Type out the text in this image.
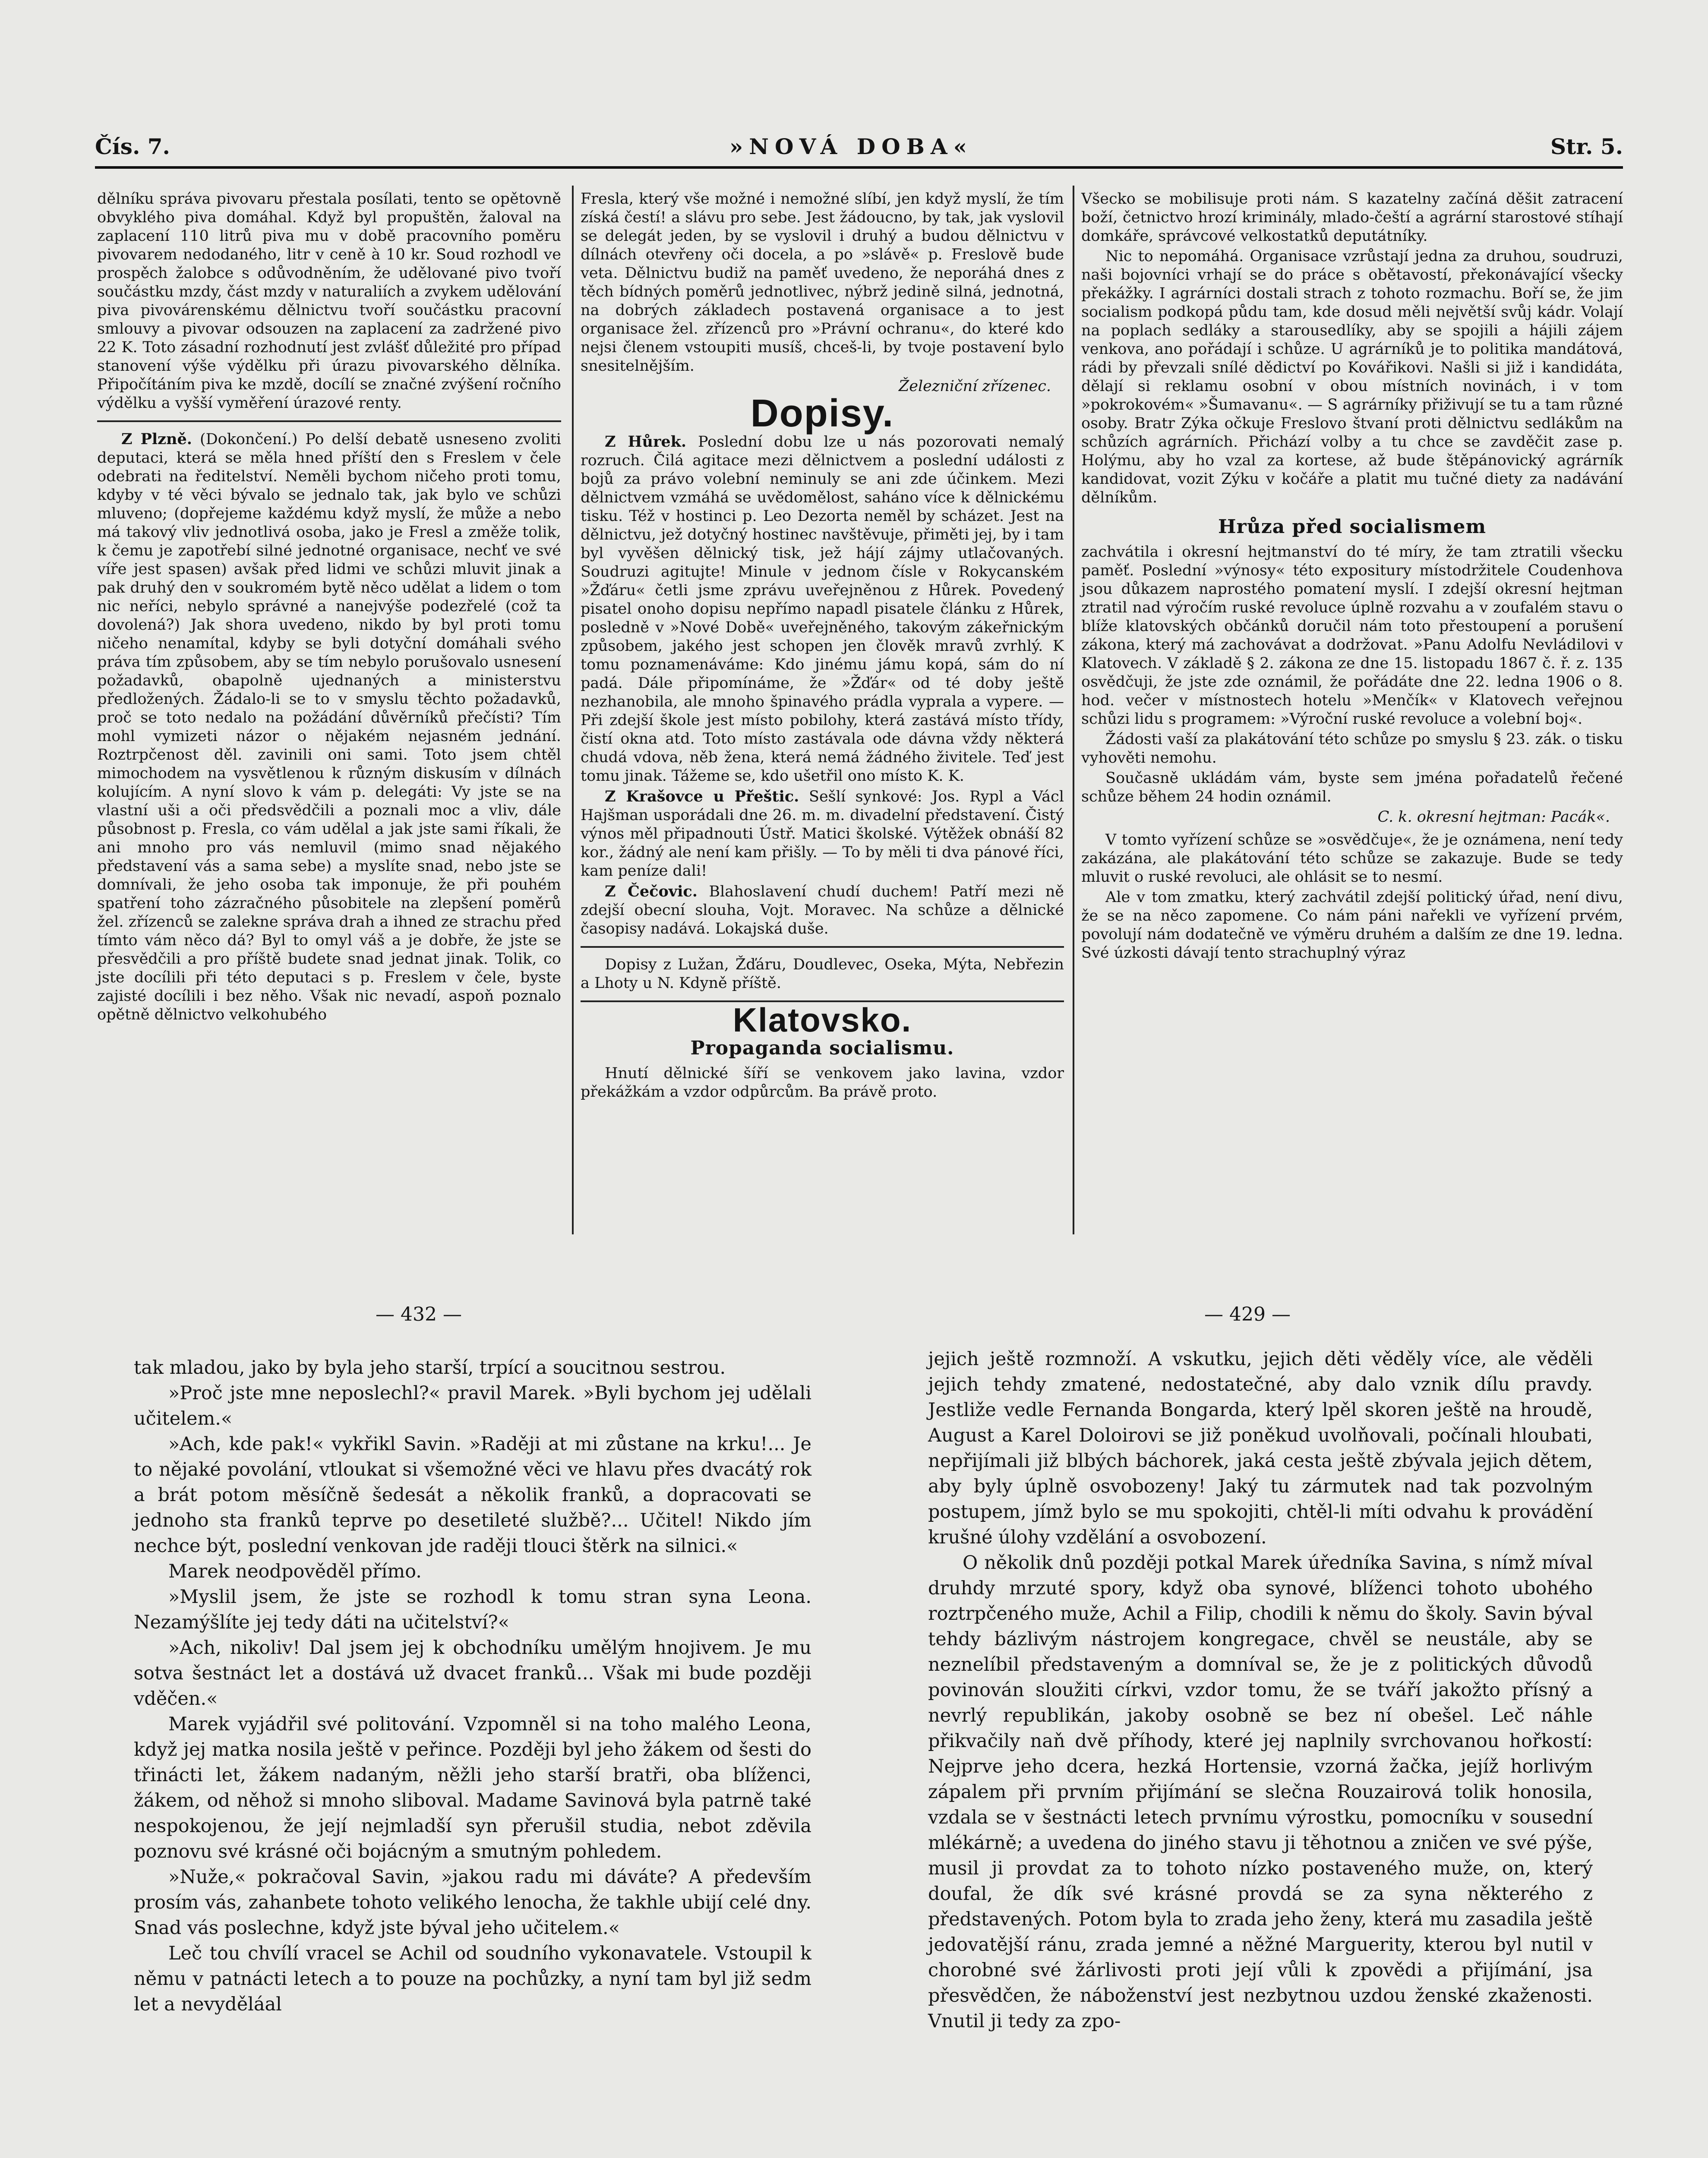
Čís. 7.	»NOVÁ DOBA«	Str. 5.

dělníku správa pivovaru přestala posílati, tento se opětovně obvyklého piva domáhal. Když byl propuštěn, žaloval na zaplacení 110 litrů piva mu v době pracovního poměru pivovarem nedodaného, litr v ceně à 10 kr. Soud rozhodl ve prospěch žalobce s odůvodněním, že udělované pivo tvoří součástku mzdy, část mzdy v naturaliích a zvykem udělování piva pivovárenskému dělnictvu tvoří součástku pracovní smlouvy a pivovar odsouzen na zaplacení za zadržené pivo 22 K. Toto zásadní rozhodnutí jest zvlášť důležité pro případ stanovení výše výdělku při úrazu pivovarského dělníka. Připočítáním piva ke mzdě, docílí se značné zvýšení ročního výdělku a vyšší vyměření úrazové renty.

Z Plzně. (Dokončení.) Po delší debatě usneseno zvoliti deputaci, která se měla hned příští den s Freslem v čele odebrati na ředitelství. Neměli bychom ničeho proti tomu, kdyby v té věci bývalo se jednalo tak, jak bylo ve schůzi mluveno; (dopřejeme každému když myslí, že může a nebo má takový vliv jednotlivá osoba, jako je Fresl a změže tolik, k čemu je zapotřebí silné jednotné organisace, nechť ve své víře jest spasen) avšak před lidmi ve schůzi mluvit jinak a pak druhý den v soukromém bytě něco udělat a lidem o tom nic neříci, nebylo správné a nanejvýše podezřelé (což ta dovolená?) Jak shora uvedeno, nikdo by byl proti tomu ničeho nenamítal, kdyby se byli dotyční domáhali svého práva tím způsobem, aby se tím nebylo porušovalo usnesení požadavků, obapolně ujednaných a ministerstvu předložených. Žádalo-li se to v smyslu těchto požadavků, proč se toto nedalo na požádání důvěrníků přečísti? Tím mohl vymizeti názor o nějakém nejasném jednání. Roztrpčenost děl. zavinili oni sami. Toto jsem chtěl mimochodem na vysvětlenou k různým diskusím v dílnách kolujícím. A nyní slovo k vám p. delegáti: Vy jste se na vlastní uši a oči předsvědčili a poznali moc a vliv, dále působnost p. Fresla, co vám udělal a jak jste sami říkali, že ani mnoho pro vás nemluvil (mimo snad nějakého představení vás a sama sebe) a myslíte snad, nebo jste se domnívali, že jeho osoba tak imponuje, že při pouhém spatření toho zázračného působitele na zlepšení poměrů žel. zřízenců se zalekne správa drah a ihned ze strachu před tímto vám něco dá? Byl to omyl váš a je dobře, že jste se přesvědčili a pro příště budete snad jednat jinak. Tolik, co jste docílili při této deputaci s p. Freslem v čele, byste zajisté docílili i bez něho. Však nic nevadí, aspoň poznalo opětně dělnictvo velkohubého

Fresla, který vše možné i nemožné slíbí, jen když myslí, že tím získá čestí! a slávu pro sebe. Jest žádoucno, by tak, jak vyslovil se delegát jeden, by se vyslovil i druhý a budou dělnictvu v dílnách otevřeny oči docela, a po »slávě« p. Freslově bude veta. Dělnictvu budiž na paměť uvedeno, že neporáhá dnes z těch bídných poměrů jednotlivec, nýbrž jedině silná, jednotná, na dobrých základech postavená organisace a to jest organisace žel. zřízenců pro »Právní ochranu«, do které kdo nejsi členem vstoupiti musíš, chceš-li, by tvoje postavení bylo snesitelnějším.

Železniční zřízenec.
Dopisy.

Z Hůrek. Poslední dobu lze u nás pozorovati nemalý rozruch. Čilá agitace mezi dělnictvem a poslední události z bojů za právo volební neminuly se ani zde účinkem. Mezi dělnictvem vzmáhá se uvědomělost, saháno více k dělnickému tisku. Též v hostinci p. Leo Dezorta neměl by scházet. Jest na dělnictvu, jež dotyčný hostinec navštěvuje, přiměti jej, by i tam byl vyvěšen dělnický tisk, jež hájí zájmy utlačovaných. Soudruzi agitujte! Minule v jednom čísle v Rokycanském »Žďáru« četli jsme zprávu uveřejněnou z Hůrek. Povedený pisatel onoho dopisu nepřímo napadl pisatele článku z Hůrek, posledně v »Nové Době« uveřejněného, takovým zákeřnickým způsobem, jakého jest schopen jen člověk mravů zvrhlý. K tomu poznamenáváme: Kdo jinému jámu kopá, sám do ní padá. Dále připomínáme, že »Žďár« od té doby ještě nezhanobila, ale mnoho špinavého prádla vyprala a vypere. — Při zdejší škole jest místo pobilohy, která zastává místo třídy, čistí okna atd. Toto místo zastávala ode dávna vždy některá chudá vdova, něb žena, která nemá žádného živitele. Teď jest tomu jinak. Tážeme se, kdo ušetřil ono místo K. K.

Z Krašovce u Přeštic. Sešlí synkové: Jos. Rypl a Václ Hajšman usporádali dne 26. m. m. divadelní představení. Čistý výnos měl připadnouti Ústř. Matici školské. Výtěžek obnáší 82 kor., žádný ale není kam přišly. — To by měli ti dva pánové říci, kam peníze dali!

Z Čečovic. Blahoslavení chudí duchem! Patří mezi ně zdejší obecní slouha, Vojt. Moravec. Na schůze a dělnické časopisy nadává. Lokajská duše.

Dopisy z Lužan, Žďáru, Doudlevec, Oseka, Mýta, Nebřezin a Lhoty u N. Kdyně příště.

Klatovsko.
Propaganda socialismu.

Hnutí dělnické šíří se venkovem jako lavina, vzdor překážkám a vzdor odpůrcům. Ba právě proto.

Všecko se mobilisuje proti nám. S kazatelny začíná děšit zatracení boží, četnictvo hrozí kriminály, mlado-čeští a agrární starostové stíhají domkáře, správcové velkostatků deputátníky.

Nic to nepomáhá. Organisace vzrůstají jedna za druhou, soudruzi, naši bojovníci vrhají se do práce s obětavostí, překonávající všecky překážky. I agrárníci dostali strach z tohoto rozmachu. Boří se, že jim socialism podkopá půdu tam, kde dosud měli největší svůj kádr. Volají na poplach sedláky a starousedlíky, aby se spojili a hájili zájem venkova, ano pořádají i schůze. U agrárníků je to politika mandátová, rádi by převzali snílé dědictví po Kovářikovi. Našli si již i kandidáta, dělají si reklamu osobní v obou místních novinách, i v tom »pokrokovém« »Šumavanu«. — S agrárníky přiživují se tu a tam různé osoby. Bratr Zýka očkuje Freslovo štvaní proti dělnictvu sedlákům na schůzích agrárních. Přichází volby a tu chce se zavděčit zase p. Holýmu, aby ho vzal za kortese, až bude štěpánovický agrárník kandidovat, vozit Zýku v kočáře a platit mu tučné diety za nadávání dělníkům.

Hrůza před socialismem

zachvátila i okresní hejtmanství do té míry, že tam ztratili všecku paměť. Poslední »výnosy« této expositury místodržitele Coudenhova jsou důkazem naprostého pomatení myslí. I zdejší okresní hejtman ztratil nad výročím ruské revoluce úplně rozvahu a v zoufalém stavu o blíže klatovských občánků doručil nám toto přestoupení a porušení zákona, který má zachovávat a dodržovat. »Panu Adolfu Nevládilovi v Klatovech. V základě § 2. zákona ze dne 15. listopadu 1867 č. ř. z. 135 osvědčuji, že jste zde oznámil, že pořádáte dne 22. ledna 1906 o 8. hod. večer v místnostech hotelu »Menčík« v Klatovech veřejnou schůzi lidu s programem: »Výroční ruské revoluce a volební boj«.

Žádosti vaší za plakátování této schůze po smyslu § 23. zák. o tisku vyhověti nemohu.

Současně ukládám vám, byste sem jména pořadatelů řečené schůze během 24 hodin oznámil.

C. k. okresní hejtman: Pacák«.

V tomto vyřízení schůze se »osvědčuje«, že je oznámena, není tedy zakázána, ale plakátování této schůze se zakazuje. Bude se tedy mluvit o ruské revoluci, ale ohlásit se to nesmí.

Ale v tom zmatku, který zachvátil zdejší politický úřad, není divu, že se na něco zapomene. Co nám páni nařekli ve vyřízení prvém, povolují nám dodatečně ve výměru druhém a dalším ze dne 19. ledna. Své úzkosti dávají tento strachuplný výraz

— 432 —	— 429 —

tak mladou, jako by byla jeho starší, trpící a soucitnou sestrou.

»Proč jste mne neposlechl?« pravil Marek. »Byli bychom jej udělali učitelem.«

»Ach, kde pak!« vykřikl Savin. »Raději at mi zůstane na krku!... Je to nějaké povolání, vtloukat si všemožné věci ve hlavu přes dvacátý rok a brát potom měsíčně šedesát a několik franků, a dopracovati se jednoho sta franků teprve po desetileté službě?... Učitel! Nikdo jím nechce být, poslední venkovan jde raději tlouci štěrk na silnici.«

Marek neodpověděl přímo.

»Myslil jsem, že jste se rozhodl k tomu stran syna Leona. Nezamýšlíte jej tedy dáti na učitelství?«

»Ach, nikoliv! Dal jsem jej k obchodníku umělým hnojivem. Je mu sotva šestnáct let a dostává už dvacet franků... Však mi bude později vděčen.«

Marek vyjádřil své politování. Vzpomněl si na toho malého Leona, když jej matka nosila ještě v peřince. Později byl jeho žákem od šesti do třinácti let, žákem nadaným, něžli jeho starší bratři, oba blíženci, žákem, od něhož si mnoho sliboval. Madame Savinová byla patrně také nespokojenou, že její nejmladší syn přerušil studia, nebot zděvila poznovu své krásné oči bojácným a smutným pohledem.

»Nuže,« pokračoval Savin, »jakou radu mi dáváte? A především prosím vás, zahanbete tohoto velikého lenocha, že takhle ubijí celé dny. Snad vás poslechne, když jste býval jeho učitelem.«

Leč tou chvílí vracel se Achil od soudního vykonavatele. Vstoupil k němu v patnácti letech a to pouze na pochůzky, a nyní tam byl již sedm let a nevyděláal

jejich ještě rozmnoží. A vskutku, jejich děti věděly více, ale věděli jejich tehdy zmatené, nedostatečné, aby dalo vznik dílu pravdy. Jestliže vedle Fernanda Bongarda, který lpěl skoren ještě na hroudě, August a Karel Doloirovi se již poněkud uvolňovali, počínali hloubati, nepřijímali již blbých báchorek, jaká cesta ještě zbývala jejich dětem, aby byly úplně osvobozeny! Jaký tu zármutek nad tak pozvolným postupem, jímž bylo se mu spokojiti, chtěl-li míti odvahu k provádění krušné úlohy vzdělání a osvobození.

O několik dnů později potkal Marek úředníka Savina, s nímž míval druhdy mrzuté spory, když oba synové, blíženci tohoto ubohého roztrpčeného muže, Achil a Filip, chodili k němu do školy. Savin býval tehdy bázlivým nástrojem kongregace, chvěl se neustále, aby se neznelíbil představeným a domníval se, že je z politických důvodů povinován sloužiti církvi, vzdor tomu, že se tváří jakožto přísný a nevrlý republikán, jakoby osobně se bez ní obešel. Leč náhle přikvačily naň dvě příhody, které jej naplnily svrchovanou hořkostí: Nejprve jeho dcera, hezká Hortensie, vzorná žačka, jejíž horlivým zápalem při prvním přijímání se slečna Rouzairová tolik honosila, vzdala se v šestnácti letech prvnímu výrostku, pomocníku v sousední mlékárně; a uvedena do jiného stavu ji těhotnou a zničen ve své pýše, musil ji provdat za to tohoto nízko postaveného muže, on, který doufal, že dík své krásné provdá se za syna některého z představených. Potom byla to zrada jeho ženy, která mu zasadila ještě jedovatější ránu, zrada jemné a něžné Marguerity, kterou byl nutil v chorobné své žárlivosti proti její vůli k zpovědi a přijímání, jsa přesvědčen, že náboženství jest nezbytnou uzdou ženské zkaženosti. Vnutil ji tedy za zpo-
